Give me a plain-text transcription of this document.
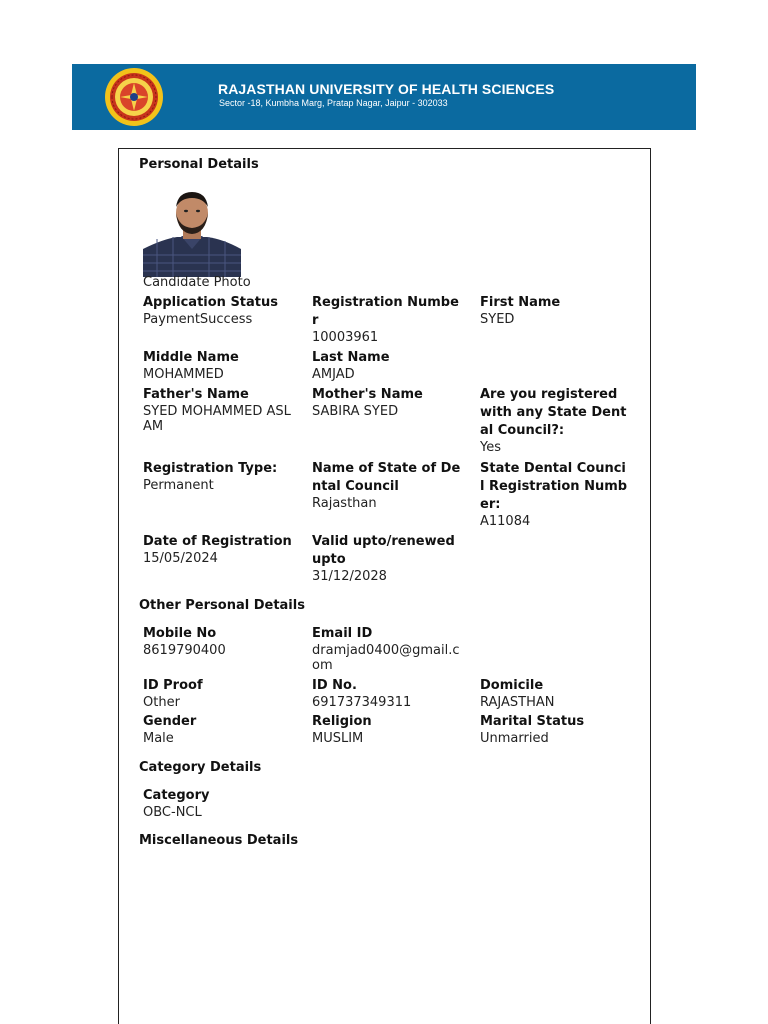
RAJASTHAN UNIVERSITY OF HEALTH SCIENCES
Sector -18, Kumbha Marg, Pratap Nagar, Jaipur - 302033
Personal Details
Candidate Photo
Application Status
PaymentSuccess
Registration Number
10003961
First Name
SYED
Middle Name
MOHAMMED
Last Name
AMJAD
Father's Name
SYED MOHAMMED ASLAM
Mother's Name
SABIRA SYED
Are you registered with any State Dental Council?:
Yes
Registration Type:
Permanent
Name of State of Dental Council
Rajasthan
State Dental Council Registration Number:
A11084
Date of Registration
15/05/2024
Valid upto/renewed upto
31/12/2028
Other Personal Details
Mobile No
8619790400
Email ID
dramjad0400@gmail.com
ID Proof
Other
ID No.
691737349311
Domicile
RAJASTHAN
Gender
Male
Religion
MUSLIM
Marital Status
Unmarried
Category Details
Category
OBC-NCL
Miscellaneous Details
